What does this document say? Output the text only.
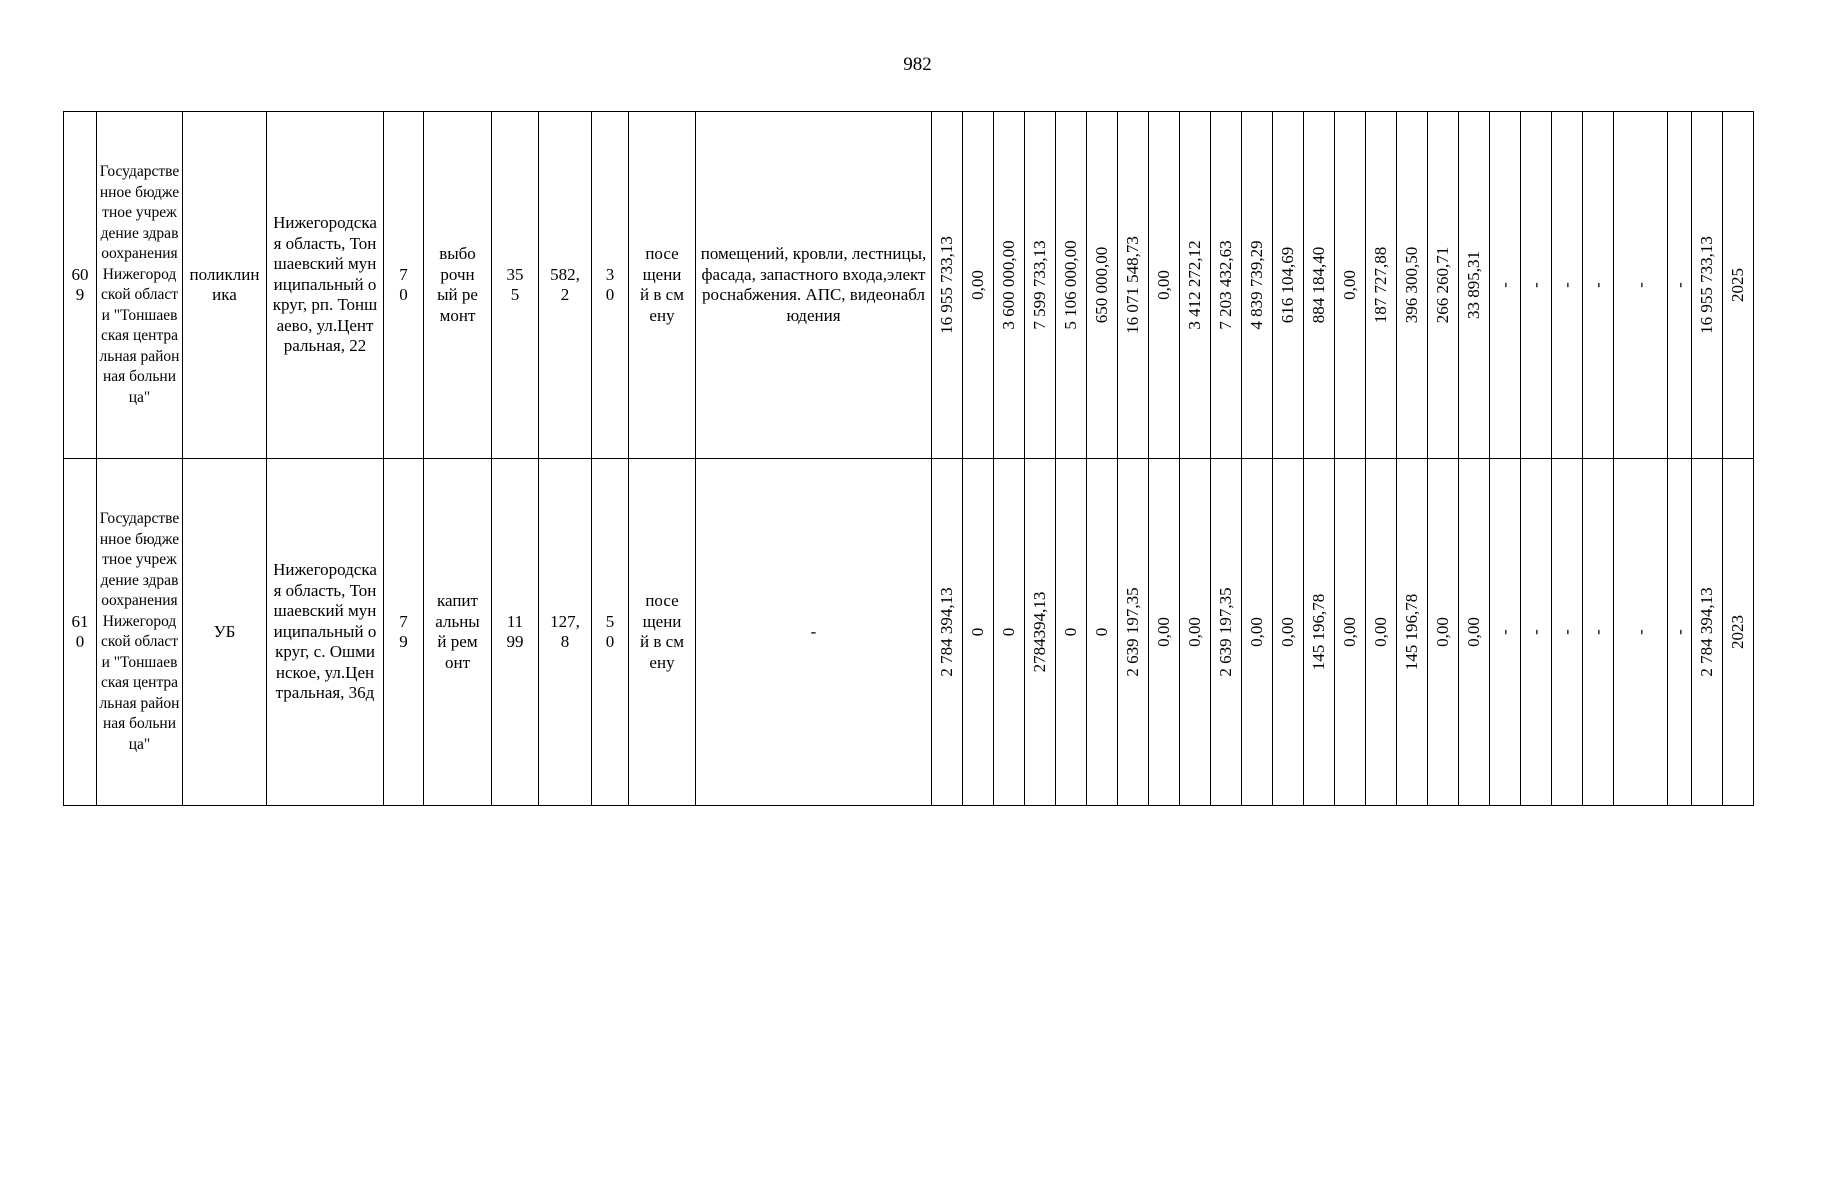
982
609	Государственное бюджетное учреждение здравоохранения Нижегородской области "Тоншаевская центральная районная больница"	поликлиника	Нижегородская область, Тоншаевский муниципальный округ, рп. Тоншаево, ул.Центральная, 22	70	выборочный ремонт	355	582,2	30	посещений в смену	помещений, кровли, лестницы, фасада, запастного входа,электроснабжения. АПС, видеонаблюдения	16 955 733,13	0,00	3 600 000,00	7 599 733,13	5 106 000,00	650 000,00	16 071 548,73	0,00	3 412 272,12	7 203 432,63	4 839 739,29	616 104,69	884 184,40	0,00	187 727,88	396 300,50	266 260,71	33 895,31	-	-	-	-	-	-	16 955 733,13	2025

610	Государственное бюджетное учреждение здравоохранения Нижегородской области "Тоншаевская центральная районная больница"	УБ	Нижегородская область, Тоншаевский муниципальный округ, с. Ошминское, ул.Центральная, 36д	79	капитальный ремонт	1199	127,8	50	посещений в смену	-	2 784 394,13	0	0	2784394,13	0	0	2 639 197,35	0,00	0,00	2 639 197,35	0,00	0,00	145 196,78	0,00	0,00	145 196,78	0,00	0,00	-	-	-	-	-	-	2 784 394,13	2023
